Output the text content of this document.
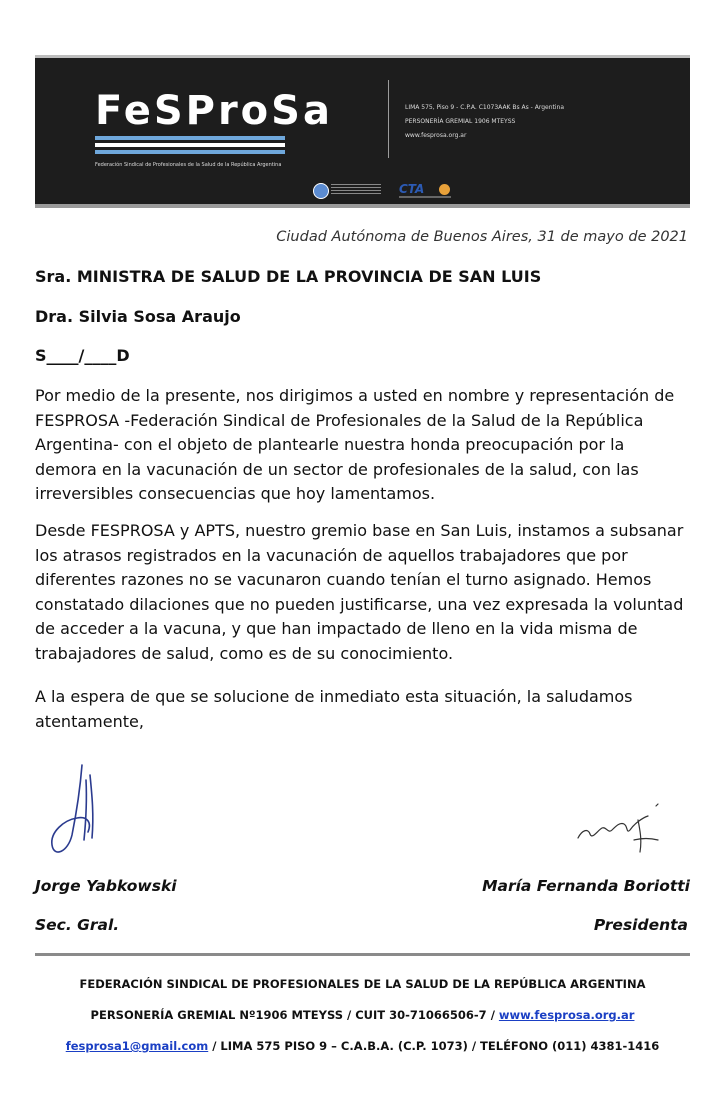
FeSProSa
Federación Sindical de Profesionales de la Salud de la República Argentina
LIMA 575, Piso 9 - C.P.A. C1073AAK Bs As - Argentina
PERSONERÍA GREMIAL 1906 MTEYSS
www.fesprosa.org.ar
CTA
Ciudad Autónoma de Buenos Aires, 31 de mayo de 2021
Sra. MINISTRA DE SALUD DE LA PROVINCIA DE SAN LUIS
Dra. Silvia Sosa Araujo
S____/____D

Por medio de la presente, nos dirigimos a usted en nombre y representación de FESPROSA -Federación Sindical de Profesionales de la Salud de la República Argentina- con el objeto de plantearle nuestra honda preocupación por la demora en la vacunación de un sector de profesionales de la salud, con las irreversibles consecuencias que hoy lamentamos.

Desde FESPROSA y APTS, nuestro gremio base en San Luis, instamos a subsanar los atrasos registrados en la vacunación de aquellos trabajadores que por diferentes razones no se vacunaron cuando tenían el turno asignado. Hemos constatado dilaciones que no pueden justificarse, una vez expresada la voluntad de acceder a la vacuna, y que han impactado de lleno en la vida misma de trabajadores de salud, como es de su conocimiento.

A la espera de que se solucione de inmediato esta situación, la saludamos atentamente,

Jorge Yabkowski
Sec. Gral.
María Fernanda Boriotti
Presidenta
FEDERACIÓN SINDICAL DE PROFESIONALES DE LA SALUD DE LA REPÚBLICA ARGENTINA
PERSONERÍA GREMIAL Nº1906 MTEYSS / CUIT 30-71066506-7 / www.fesprosa.org.ar
fesprosa1@gmail.com / LIMA 575 PISO 9 – C.A.B.A. (C.P. 1073) / TELÉFONO (011) 4381-1416
